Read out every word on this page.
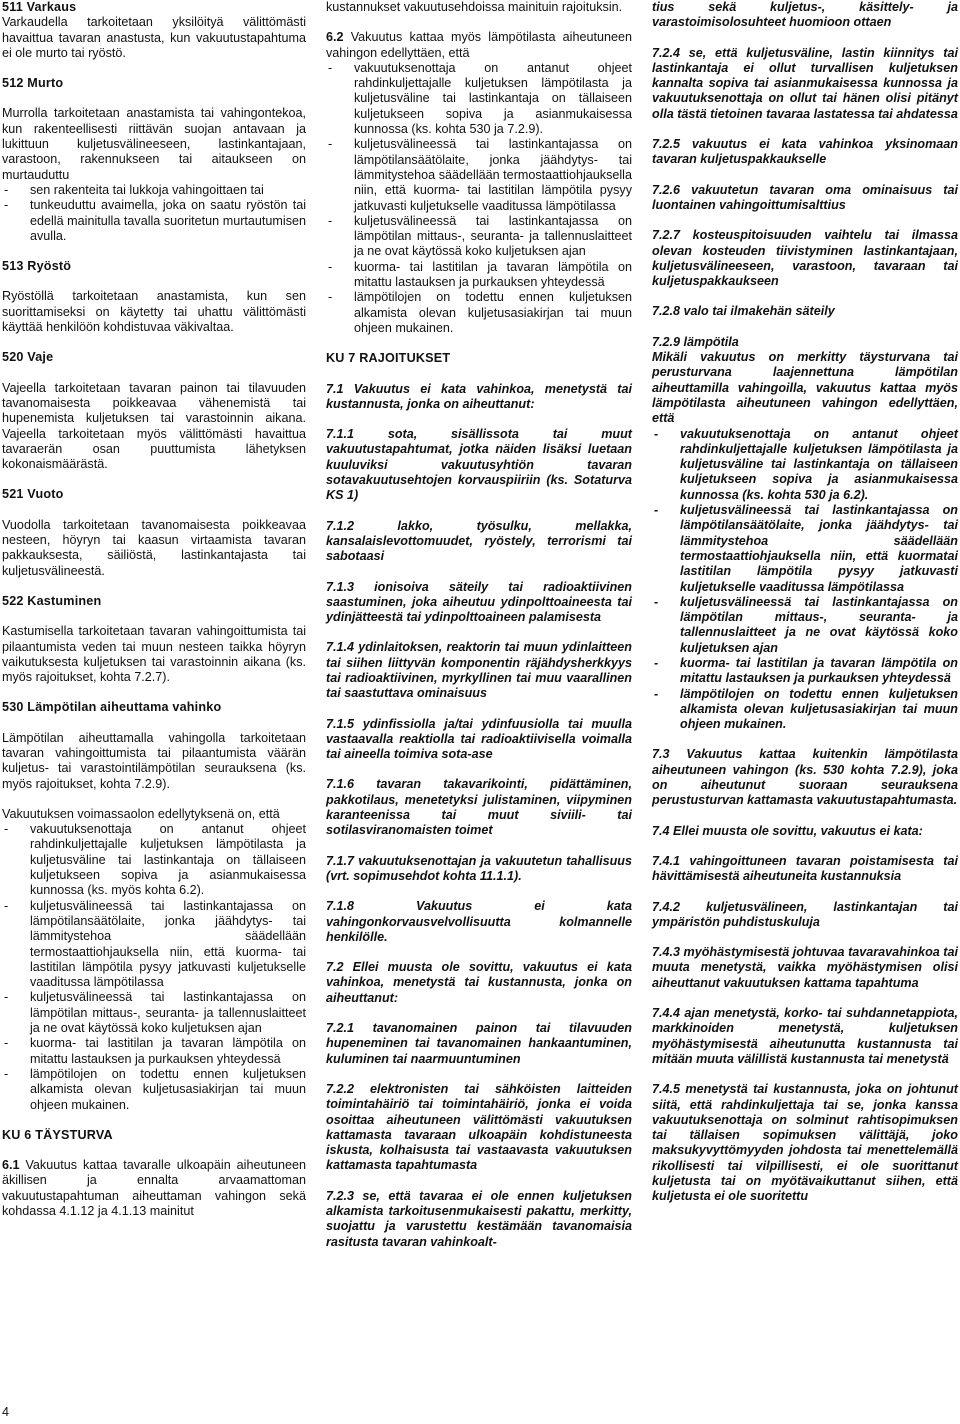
511 Varkaus

Varkaudella tarkoitetaan yksilöityä välittömästi havaittua tavaran anastusta, kun vakuutustapahtuma ei ole murto tai ryöstö.

512 Murto

Murrolla tarkoitetaan anastamista tai vahingontekoa, kun rakenteellisesti riittävän suojan antavaan ja lukittuun kuljetusvälineeseen, lastinkantajaan, varastoon, rakennukseen tai aitaukseen on murtauduttu

- sen rakenteita tai lukkoja vahingoittaen tai
- tunkeuduttu avaimella, joka on saatu ryöstön tai edellä mainitulla tavalla suoritetun murtautumisen avulla.

513 Ryöstö

Ryöstöllä tarkoitetaan anastamista, kun sen suorittamiseksi on käytetty tai uhattu välittömästi käyttää henkilöön kohdistuvaa väkivaltaa.

520 Vaje

Vajeella tarkoitetaan tavaran painon tai tilavuuden tavanomaisesta poikkeavaa vähenemistä tai hupenemista kuljetuksen tai varastoinnin aikana. Vajeella tarkoitetaan myös välittömästi havaittua tavaraerän osan puuttumista lähetyksen kokonaismäärästä.

521 Vuoto

Vuodolla tarkoitetaan tavanomaisesta poikkeavaa nesteen, höyryn tai kaasun virtaamista tavaran pakkauksesta, säiliöstä, lastinkantajasta tai kuljetusvälineestä.

522 Kastuminen

Kastumisella tarkoitetaan tavaran vahingoittumista tai pilaantumista veden tai muun nesteen taikka höyryn vaikutuksesta kuljetuksen tai varastoinnin aikana (ks. myös rajoitukset, kohta 7.2.7).

530 Lämpötilan aiheuttama vahinko

Lämpötilan aiheuttamalla vahingolla tarkoitetaan tavaran vahingoittumista tai pilaantumista väärän kuljetus- tai varastointilämpötilan seurauksena (ks. myös rajoitukset, kohta 7.2.9).

Vakuutuksen voimassaolon edellytyksenä on, että

- vakuutuksenottaja on antanut ohjeet rahdinkuljettajalle kuljetuksen lämpötilasta ja kuljetusväline tai lastinkantaja on tällaiseen kuljetukseen sopiva ja asianmukaisessa kunnossa (ks. myös kohta 6.2).
- kuljetusvälineessä tai lastinkantajassa on lämpötilansäätölaite, jonka jäähdytys- tai lämmitystehoa säädellään termostaattiohjauksella niin, että kuorma- tai lastitilan lämpötila pysyy jatkuvasti kuljetukselle vaaditussa lämpötilassa
- kuljetusvälineessä tai lastinkantajassa on lämpötilan mittaus-, seuranta- ja tallennuslaitteet ja ne ovat käytössä koko kuljetuksen ajan
- kuorma- tai lastitilan ja tavaran lämpötila on mitattu lastauksen ja purkauksen yhteydessä
- lämpötilojen on todettu ennen kuljetuksen alkamista olevan kuljetusasiakirjan tai muun ohjeen mukainen.

KU 6 TÄYSTURVA

6.1 Vakuutus kattaa tavaralle ulkoapäin aiheutuneen äkillisen ja ennalta arvaamattoman vakuutustapahtuman aiheuttaman vahingon sekä kohdassa 4.1.12 ja 4.1.13 mainitut

kustannukset vakuutusehdoissa mainituin rajoituksin.

6.2 Vakuutus kattaa myös lämpötilasta aiheutuneen vahingon edellyttäen, että

- vakuutuksenottaja on antanut ohjeet rahdinkuljettajalle kuljetuksen lämpötilasta ja kuljetusväline tai lastinkantaja on tällaiseen kuljetukseen sopiva ja asianmukaisessa kunnossa (ks. kohta 530 ja 7.2.9).
- kuljetusvälineessä tai lastinkantajassa on lämpötilansäätölaite, jonka jäähdytys- tai lämmitystehoa säädellään termostaattiohjauksella niin, että kuorma- tai lastitilan lämpötila pysyy jatkuvasti kuljetukselle vaaditussa lämpötilassa
- kuljetusvälineessä tai lastinkantajassa on lämpötilan mittaus-, seuranta- ja tallennuslaitteet ja ne ovat käytössä koko kuljetuksen ajan
- kuorma- tai lastitilan ja tavaran lämpötila on mitattu lastauksen ja purkauksen yhteydessä
- lämpötilojen on todettu ennen kuljetuksen alkamista olevan kuljetusasiakirjan tai muun ohjeen mukainen.

KU 7 RAJOITUKSET

7.1 Vakuutus ei kata vahinkoa, menetystä tai kustannusta, jonka on aiheuttanut:

7.1.1 sota, sisällissota tai muut vakuutustapahtumat, jotka näiden lisäksi luetaan kuuluviksi vakuutusyhtiön tavaran sotavakuutusehtojen korvauspiiriin (ks. Sotaturva KS 1)

7.1.2 lakko, työsulku, mellakka, kansalaislevottomuudet, ryöstely, terrorismi tai sabotaasi

7.1.3 ionisoiva säteily tai radioaktiivinen saastuminen, joka aiheutuu ydinpolttoaineesta tai ydinjätteestä tai ydinpolttoaineen palamisesta

7.1.4 ydinlaitoksen, reaktorin tai muun ydinlaitteen tai siihen liittyvän komponentin räjähdysherkkyys tai radioaktiivinen, myrkyllinen tai muu vaarallinen tai saastuttava ominaisuus

7.1.5 ydinfissiolla ja/tai ydinfuusiolla tai muulla vastaavalla reaktiolla tai radioaktiivisella voimalla tai aineella toimiva sota-ase

7.1.6 tavaran takavarikointi, pidättäminen, pakkotilaus, menetetyksi julistaminen, viipyminen karanteenissa tai muut siviili- tai sotilasviranomaisten toimet

7.1.7 vakuutuksenottajan ja vakuutetun tahallisuus (vrt. sopimusehdot kohta 11.1.1).

7.1.8 Vakuutus ei kata vahingonkorvausvelvollisuutta kolmannelle henkilölle.

7.2 Ellei muusta ole sovittu, vakuutus ei kata vahinkoa, menetystä tai kustannusta, jonka on aiheuttanut:

7.2.1 tavanomainen painon tai tilavuuden hupeneminen tai tavanomainen hankaantuminen, kuluminen tai naarmuuntuminen

7.2.2 elektronisten tai sähköisten laitteiden toimintahäiriö tai toimintahäiriö, jonka ei voida osoittaa aiheutuneen välittömästi vakuutuksen kattamasta tavaraan ulkoapäin kohdistuneesta iskusta, kolhaisusta tai vastaavasta vakuutuksen kattamasta tapahtumasta

7.2.3 se, että tavaraa ei ole ennen kuljetuksen alkamista tarkoitusenmukaisesti pakattu, merkitty, suojattu ja varustettu kestämään tavanomaisia rasitusta tavaran vahinkoalt-

tius sekä kuljetus-, käsittely- ja varastoimisolosuhteet huomioon ottaen

7.2.4 se, että kuljetusväline, lastin kiinnitys tai lastinkantaja ei ollut turvallisen kuljetuksen kannalta sopiva tai asianmukaisessa kunnossa ja vakuutuksenottaja on ollut tai hänen olisi pitänyt olla tästä tietoinen tavaraa lastatessa tai ahdatessa

7.2.5 vakuutus ei kata vahinkoa yksinomaan tavaran kuljetuspakkaukselle

7.2.6 vakuutetun tavaran oma ominaisuus tai luontainen vahingoittumisalttius

7.2.7 kosteuspitoisuuden vaihtelu tai ilmassa olevan kosteuden tiivistyminen lastinkantajaan, kuljetusvälineeseen, varastoon, tavaraan tai kuljetuspakkaukseen

7.2.8 valo tai ilmakehän säteily

7.2.9 lämpötila

Mikäli vakuutus on merkitty täysturvana tai perusturvana laajennettuna lämpötilan aiheuttamilla vahingoilla, vakuutus kattaa myös lämpötilasta aiheutuneen vahingon edellyttäen, että

- vakuutuksenottaja on antanut ohjeet rahdinkuljettajalle kuljetuksen lämpötilasta ja kuljetusväline tai lastinkantaja on tällaiseen kuljetukseen sopiva ja asianmukaisessa kunnossa (ks. kohta 530 ja 6.2).
- kuljetusvälineessä tai lastinkantajassa on lämpötilansäätölaite, jonka jäähdytys- tai lämmitystehoa säädellään termostaattiohjauksella niin, että kuormatai lastitilan lämpötila pysyy jatkuvasti kuljetukselle vaaditussa lämpötilassa
- kuljetusvälineessä tai lastinkantajassa on lämpötilan mittaus-, seuranta- ja tallennuslaitteet ja ne ovat käytössä koko kuljetuksen ajan
- kuorma- tai lastitilan ja tavaran lämpötila on mitattu lastauksen ja purkauksen yhteydessä
- lämpötilojen on todettu ennen kuljetuksen alkamista olevan kuljetusasiakirjan tai muun ohjeen mukainen.

7.3 Vakuutus kattaa kuitenkin lämpötilasta aiheutuneen vahingon (ks. 530 kohta 7.2.9), joka on aiheutunut suoraan seurauksena perustusturvan kattamasta vakuutustapahtumasta.

7.4 Ellei muusta ole sovittu, vakuutus ei kata:

7.4.1 vahingoittuneen tavaran poistamisesta tai hävittämisestä aiheutuneita kustannuksia

7.4.2 kuljetusvälineen, lastinkantajan tai ympäristön puhdistuskuluja

7.4.3 myöhästymisestä johtuvaa tavaravahinkoa tai muuta menetystä, vaikka myöhästymisen olisi aiheuttanut vakuutuksen kattama tapahtuma

7.4.4 ajan menetystä, korko- tai suhdannetappiota, markkinoiden menetystä, kuljetuksen myöhästymisestä aiheutunutta kustannusta tai mitään muuta välillistä kustannusta tai menetystä

7.4.5 menetystä tai kustannusta, joka on johtunut siitä, että rahdinkuljettaja tai se, jonka kanssa vakuutuksenottaja on solminut rahtisopimuksen tai tällaisen sopimuksen välittäjä, joko maksukyvyttömyyden johdosta tai menettelemällä rikollisesti tai vilpillisesti, ei ole suorittanut kuljetusta tai on myötävaikuttanut siihen, että kuljetusta ei ole suoritettu

4
